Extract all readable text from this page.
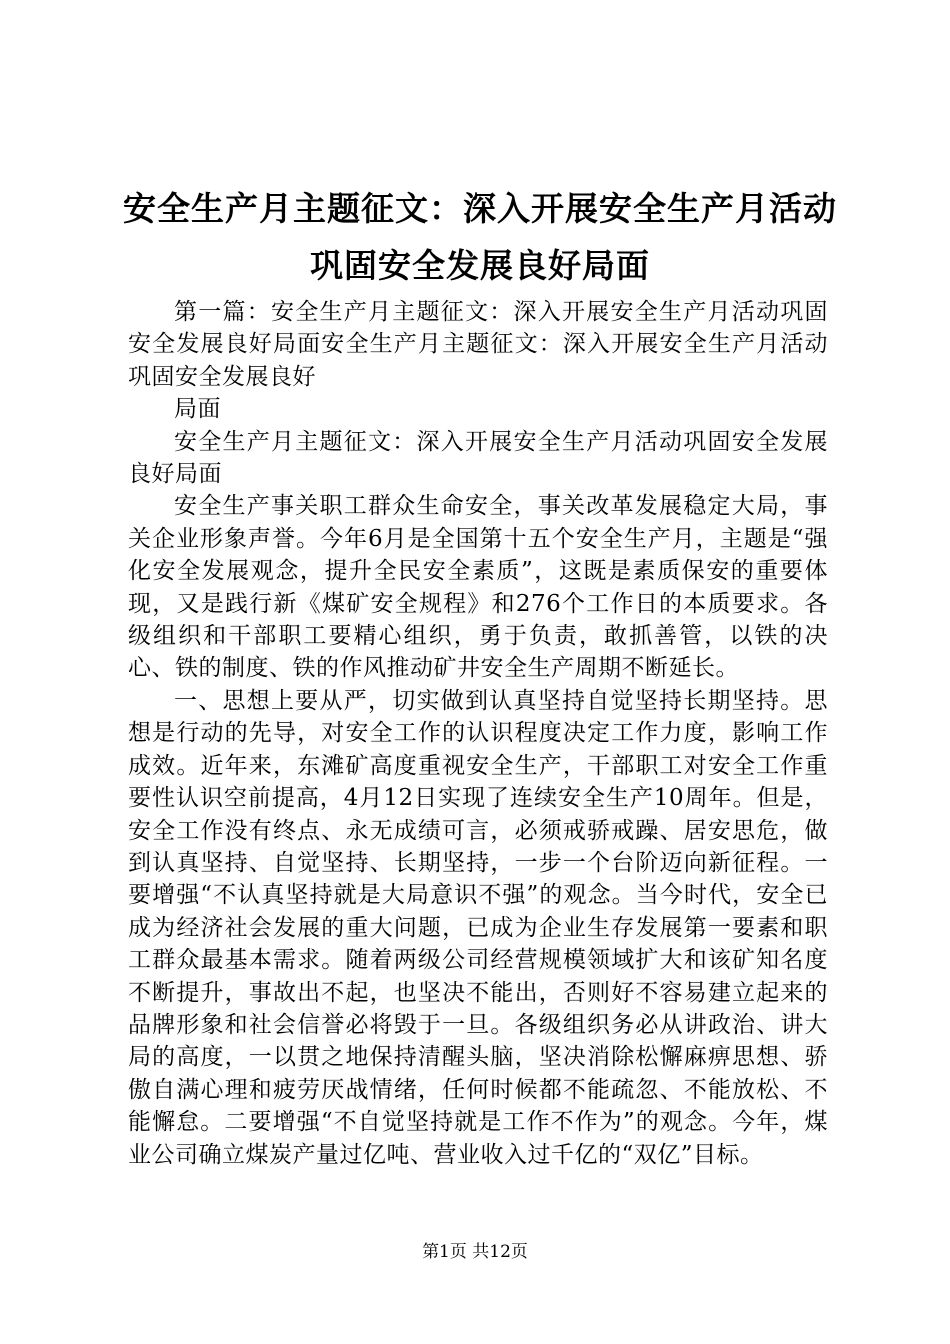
安全生产月主题征文：深入开展安全生产月活动巩固安全发展良好局面

第一篇：安全生产月主题征文：深入开展安全生产月活动巩固安全发展良好局面安全生产月主题征文：深入开展安全生产月活动巩固安全发展良好

局面

安全生产月主题征文：深入开展安全生产月活动巩固安全发展良好局面

安全生产事关职工群众生命安全，事关改革发展稳定大局，事关企业形象声誉。今年6月是全国第十五个安全生产月，主题是“强化安全发展观念，提升全民安全素质”，这既是素质保安的重要体现，又是践行新《煤矿安全规程》和276个工作日的本质要求。各级组织和干部职工要精心组织，勇于负责，敢抓善管，以铁的决心、铁的制度、铁的作风推动矿井安全生产周期不断延长。

一、思想上要从严，切实做到认真坚持自觉坚持长期坚持。思想是行动的先导，对安全工作的认识程度决定工作力度，影响工作成效。近年来，东滩矿高度重视安全生产，干部职工对安全工作重要性认识空前提高，4月12日实现了连续安全生产10周年。但是，安全工作没有终点、永无成绩可言，必须戒骄戒躁、居安思危，做到认真坚持、自觉坚持、长期坚持，一步一个台阶迈向新征程。一要增强“不认真坚持就是大局意识不强”的观念。当今时代，安全已成为经济社会发展的重大问题，已成为企业生存发展第一要素和职工群众最基本需求。随着两级公司经营规模领域扩大和该矿知名度不断提升，事故出不起，也坚决不能出，否则好不容易建立起来的品牌形象和社会信誉必将毁于一旦。各级组织务必从讲政治、讲大局的高度，一以贯之地保持清醒头脑，坚决消除松懈麻痹思想、骄傲自满心理和疲劳厌战情绪，任何时候都不能疏忽、不能放松、不能懈怠。二要增强“不自觉坚持就是工作不作为”的观念。今年，煤业公司确立煤炭产量过亿吨、营业收入过千亿的“双亿”目标。

第1页 共12页
